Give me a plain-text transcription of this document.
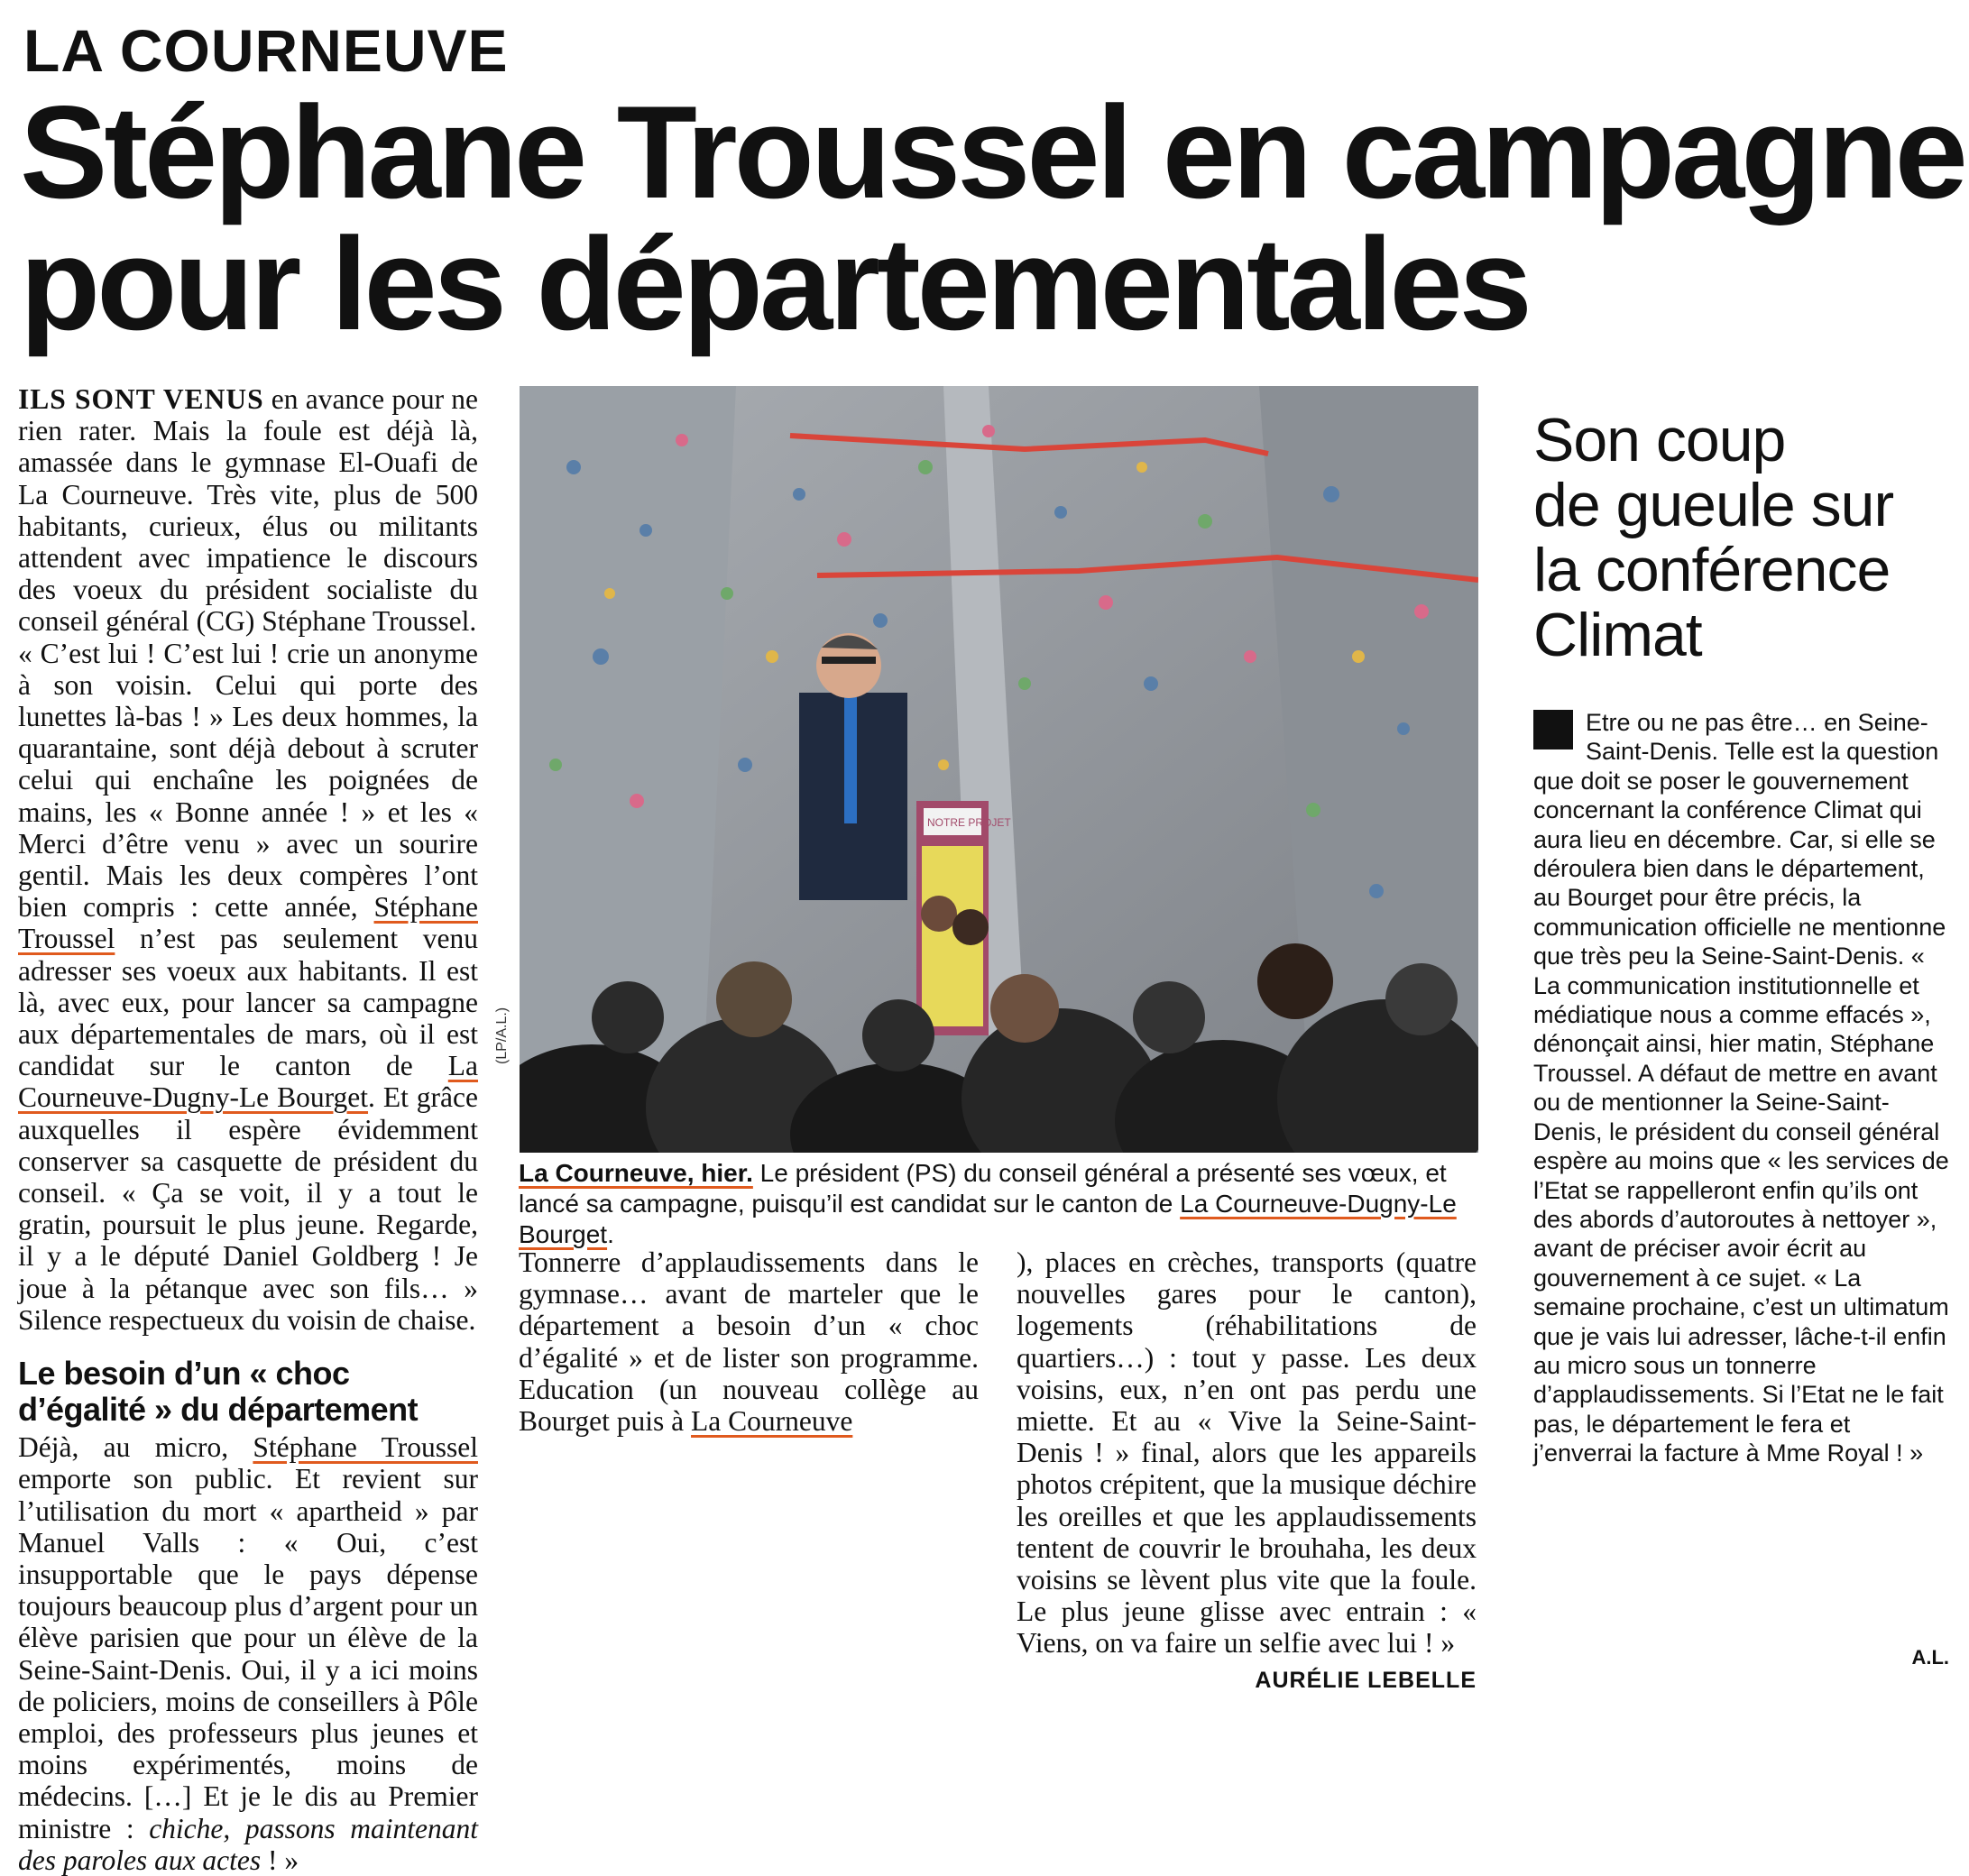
LA COURNEUVE
Stéphane Troussel en campagne
pour les départementales

ILS SONT VENUS en avance pour ne rien rater. Mais la foule est déjà là, amassée dans le gymnase El-Ouafi de La Courneuve. Très vite, plus de 500 habitants, curieux, élus ou militants attendent avec impatience le discours des voeux du président socialiste du conseil général (CG) Stéphane Troussel.

« C’est lui ! C’est lui ! crie un anonyme à son voisin. Celui qui porte des lunettes là-bas ! » Les deux hommes, la quarantaine, sont déjà debout à scruter celui qui enchaîne les poignées de mains, les « Bonne année ! » et les « Merci d’être venu » avec un sourire gentil. Mais les deux compères l’ont bien compris : cette année, Stéphane Troussel n’est pas seulement venu adresser ses voeux aux habitants. Il est là, avec eux, pour lancer sa campagne aux départementales de mars, où il est candidat sur le canton de La Courneuve-Dugny-Le Bourget. Et grâce auxquelles il espère évidemment conserver sa casquette de président du conseil. « Ça se voit, il y a tout le gratin, poursuit le plus jeune. Regarde, il y a le député Daniel Goldberg ! Je joue à la pétanque avec son fils… » Silence respectueux du voisin de chaise.

Le besoin d’un « choc d’égalité » du département

Déjà, au micro, Stéphane Troussel emporte son public. Et revient sur l’utilisation du mort « apartheid » par Manuel Valls : « Oui, c’est insupportable que le pays dépense toujours beaucoup plus d’argent pour un élève parisien que pour un élève de la Seine-Saint-Denis. Oui, il y a ici moins de policiers, moins de conseillers à Pôle emploi, des professeurs plus jeunes et moins expérimentés, moins de médecins. […] Et je le dis au Premier ministre : chiche, passons maintenant des paroles aux actes ! »

NOTRE PROJET
(LP/A.L.)
La Courneuve, hier. Le président (PS) du conseil général a présenté ses vœux, et lancé sa campagne, puisqu’il est candidat sur le canton de La Courneuve-Dugny-Le Bourget.

Tonnerre d’applaudissements dans le gymnase… avant de marteler que le département a besoin d’un « choc d’égalité » et de lister son programme. Education (un nouveau collège au Bourget puis à La Courneuve

), places en crèches, transports (quatre nouvelles gares pour le canton), logements (réhabilitations de quartiers…) : tout y passe. Les deux voisins, eux, n’en ont pas perdu une miette. Et au « Vive la Seine-Saint-Denis ! » final, alors que les appareils photos crépitent, que la musique déchire les oreilles et que les applaudissements tentent de couvrir le brouhaha, les deux voisins se lèvent plus vite que la foule. Le plus jeune glisse avec entrain : « Viens, on va faire un selfie avec lui ! »
AURÉLIE LEBELLE

Son coup
de gueule sur
la conférence
Climat
Etre ou ne pas être… en Seine-Saint-Denis. Telle est la question que doit se poser le gouvernement concernant la conférence Climat qui aura lieu en décembre. Car, si elle se déroulera bien dans le département, au Bourget pour être précis, la communication officielle ne mentionne que très peu la Seine-Saint-Denis. « La communication institutionnelle et médiatique nous a comme effacés », dénonçait ainsi, hier matin, Stéphane Troussel. A défaut de mettre en avant ou de mentionner la Seine-Saint-Denis, le président du conseil général espère au moins que « les services de l’Etat se rappelleront enfin qu’ils ont des abords d’autoroutes à nettoyer », avant de préciser avoir écrit au gouvernement à ce sujet. « La semaine prochaine, c’est un ultimatum que je vais lui adresser, lâche-t-il enfin au micro sous un tonnerre d’applaudissements. Si l’Etat ne le fait pas, le département le fera et j’enverrai la facture à Mme Royal ! »
A.L.
